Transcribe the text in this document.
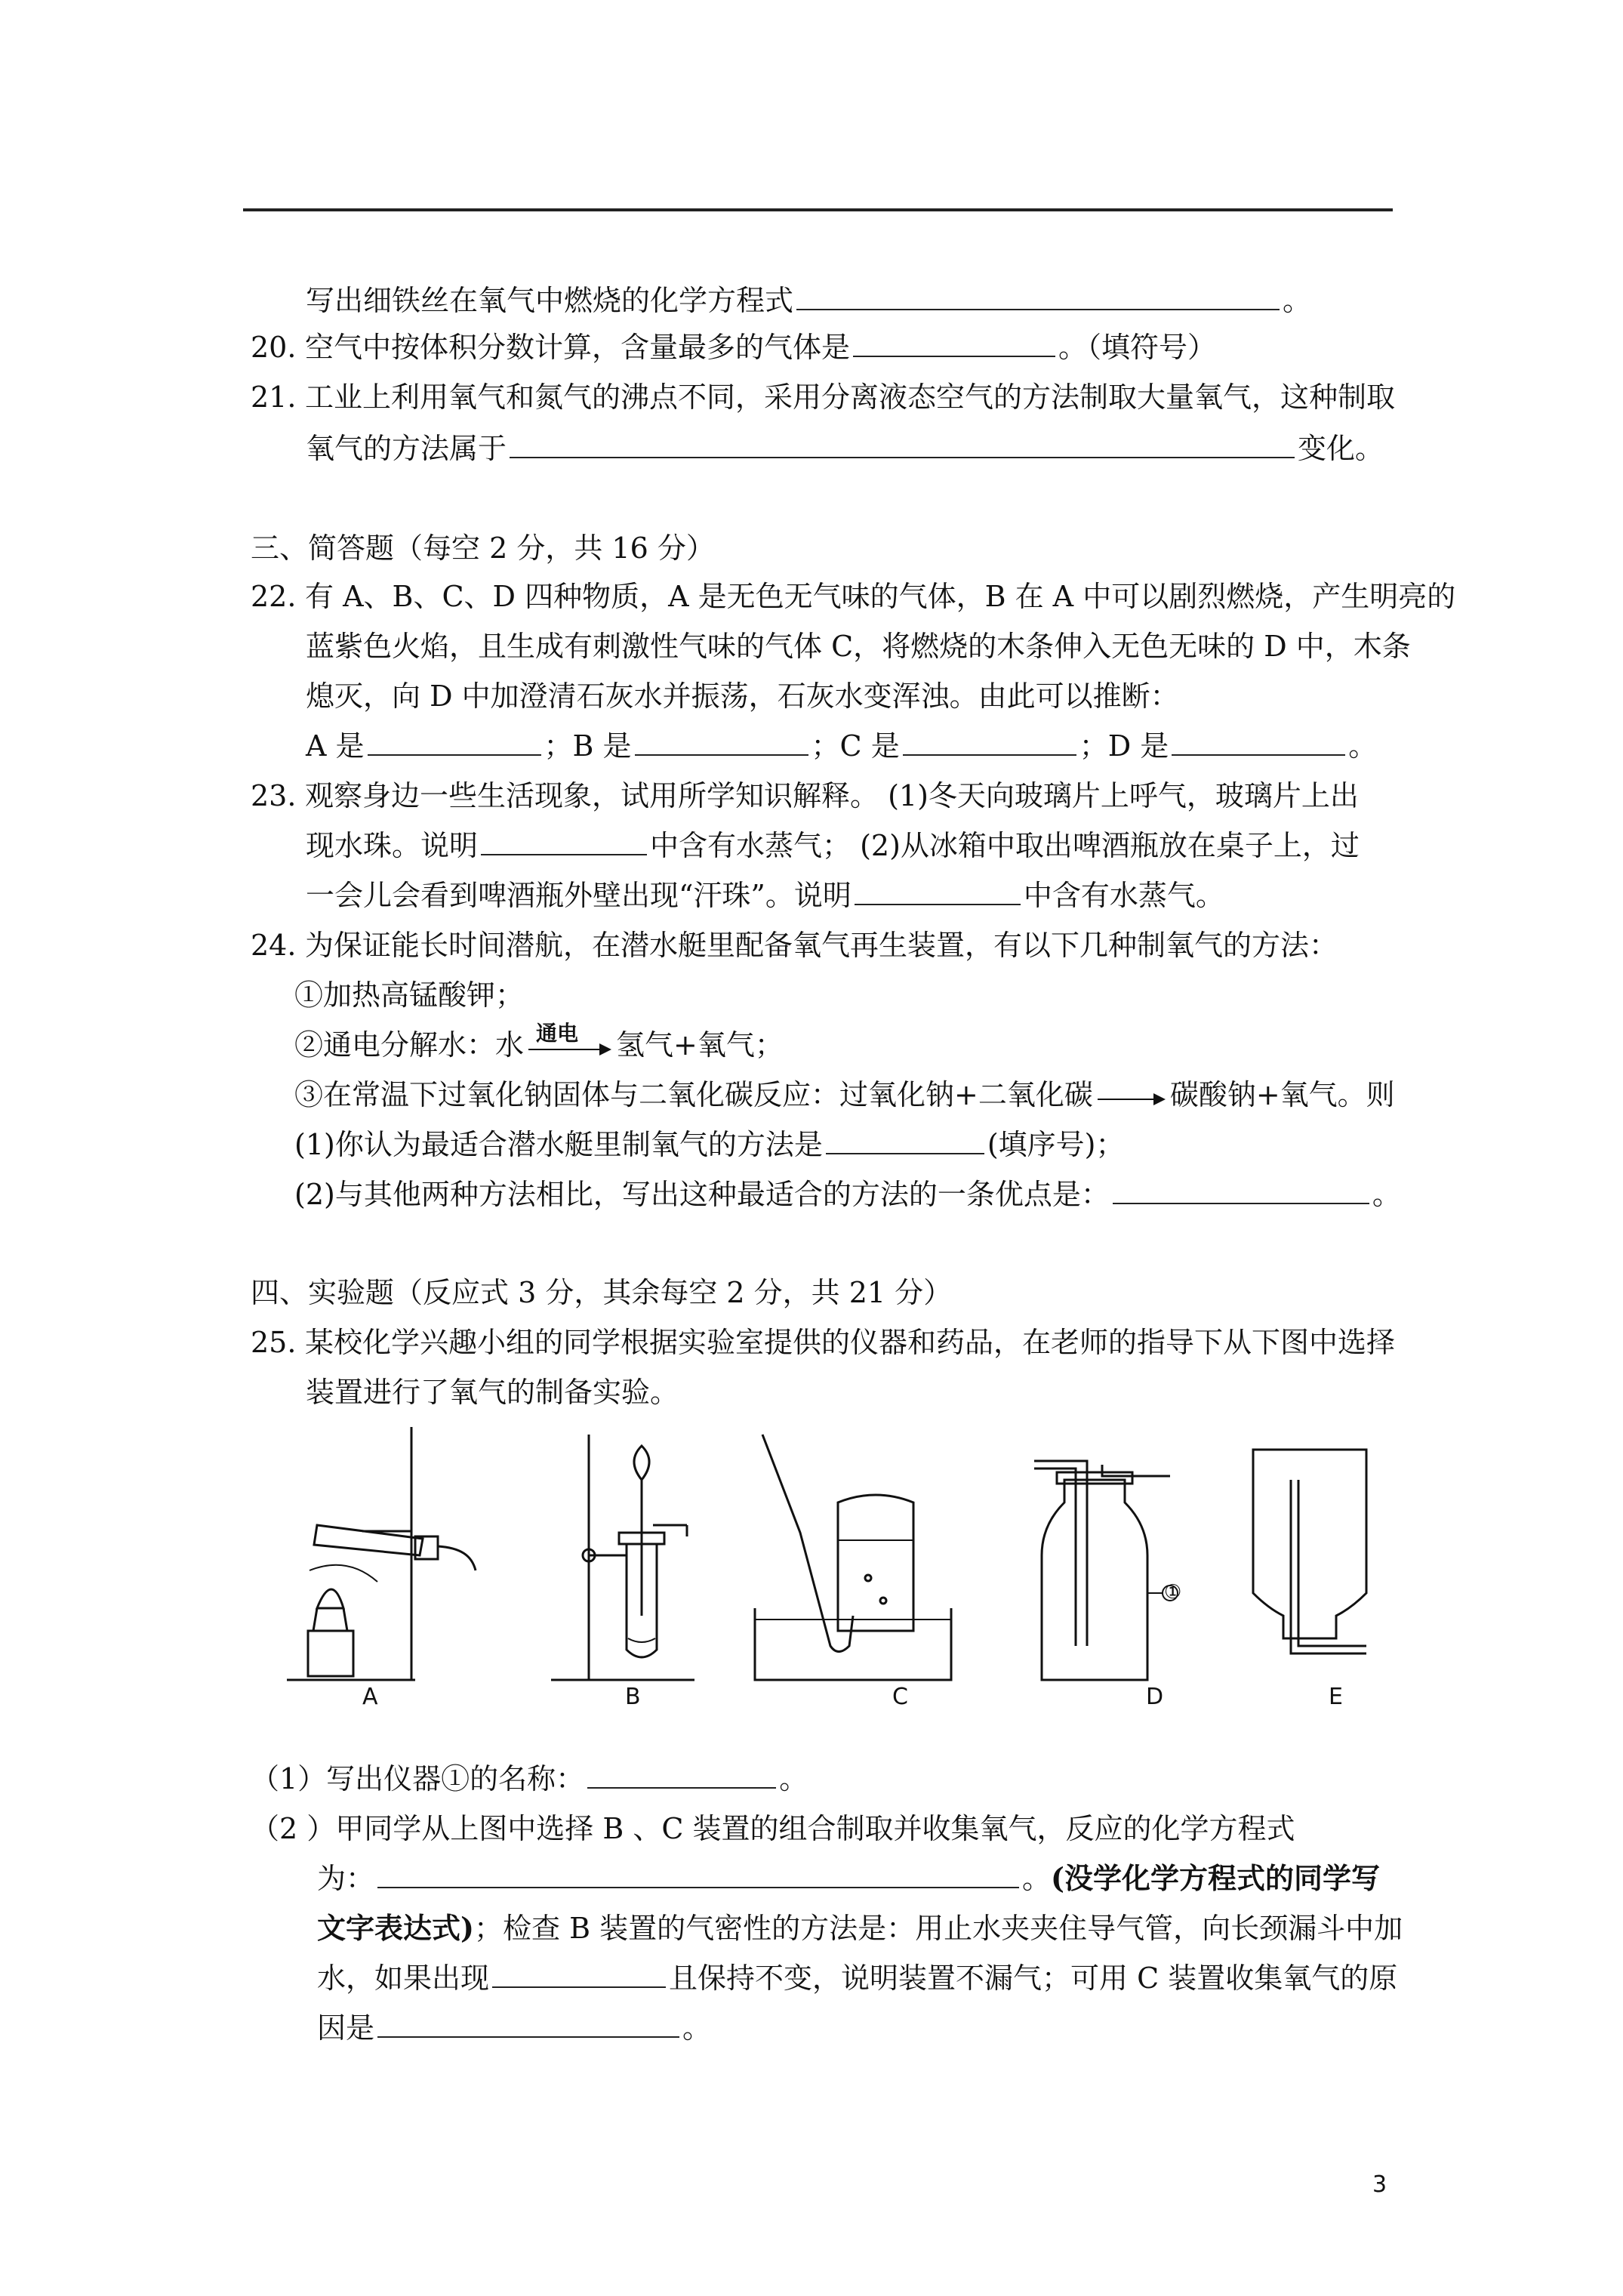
写出细铁丝在氧气中燃烧的化学方程式	。
20. 空气中按体积分数计算，含量最多的气体是	。（填符号）
21. 工业上利用氧气和氮气的沸点不同，采用分离液态空气的方法制取大量氧气，这种制取
氧气的方法属于	变化。
三、简答题（每空 2 分，共 16 分）
22. 有 A、B、C、D 四种物质，A 是无色无气味的气体，B 在 A 中可以剧烈燃烧，产生明亮的
蓝紫色火焰，且生成有刺激性气味的气体 C，将燃烧的木条伸入无色无味的 D 中，木条
熄灭，向 D 中加澄清石灰水并振荡，石灰水变浑浊。由此可以推断：
A 是	；B 是	；C 是	；D 是	。
23. 观察身边一些生活现象，试用所学知识解释。 (1)冬天向玻璃片上呼气，玻璃片上出
现水珠。说明	中含有水蒸气； (2)从冰箱中取出啤酒瓶放在桌子上，过
一会儿会看到啤酒瓶外壁出现“汗珠”。说明	中含有水蒸气。
24. 为保证能长时间潜航，在潜水艇里配备氧气再生装置，有以下几种制氧气的方法：
①加热高锰酸钾；
②通电分解水：水 通电 氢气+氧气；
③在常温下过氧化钠固体与二氧化碳反应：过氧化钠+二氧化碳	碳酸钠+氧气。则
(1)你认为最适合潜水艇里制氧气的方法是	(填序号)；
(2)与其他两种方法相比，写出这种最适合的方法的一条优点是：	。
四、实验题（反应式 3 分，其余每空 2 分，共 21 分）
25. 某校化学兴趣小组的同学根据实验室提供的仪器和药品，在老师的指导下从下图中选择
装置进行了氧气的制备实验。
A	B	C	D	E
①
（1）写出仪器①的名称：	。
（2 ）甲同学从上图中选择 B 、C 装置的组合制取并收集氧气，反应的化学方程式
为：	。(没学化学方程式的同学写
文字表达式)；检查 B 装置的气密性的方法是：用止水夹夹住导气管，向长颈漏斗中加
水，如果出现	且保持不变，说明装置不漏气；可用 C 装置收集氧气的原
因是	。
3
